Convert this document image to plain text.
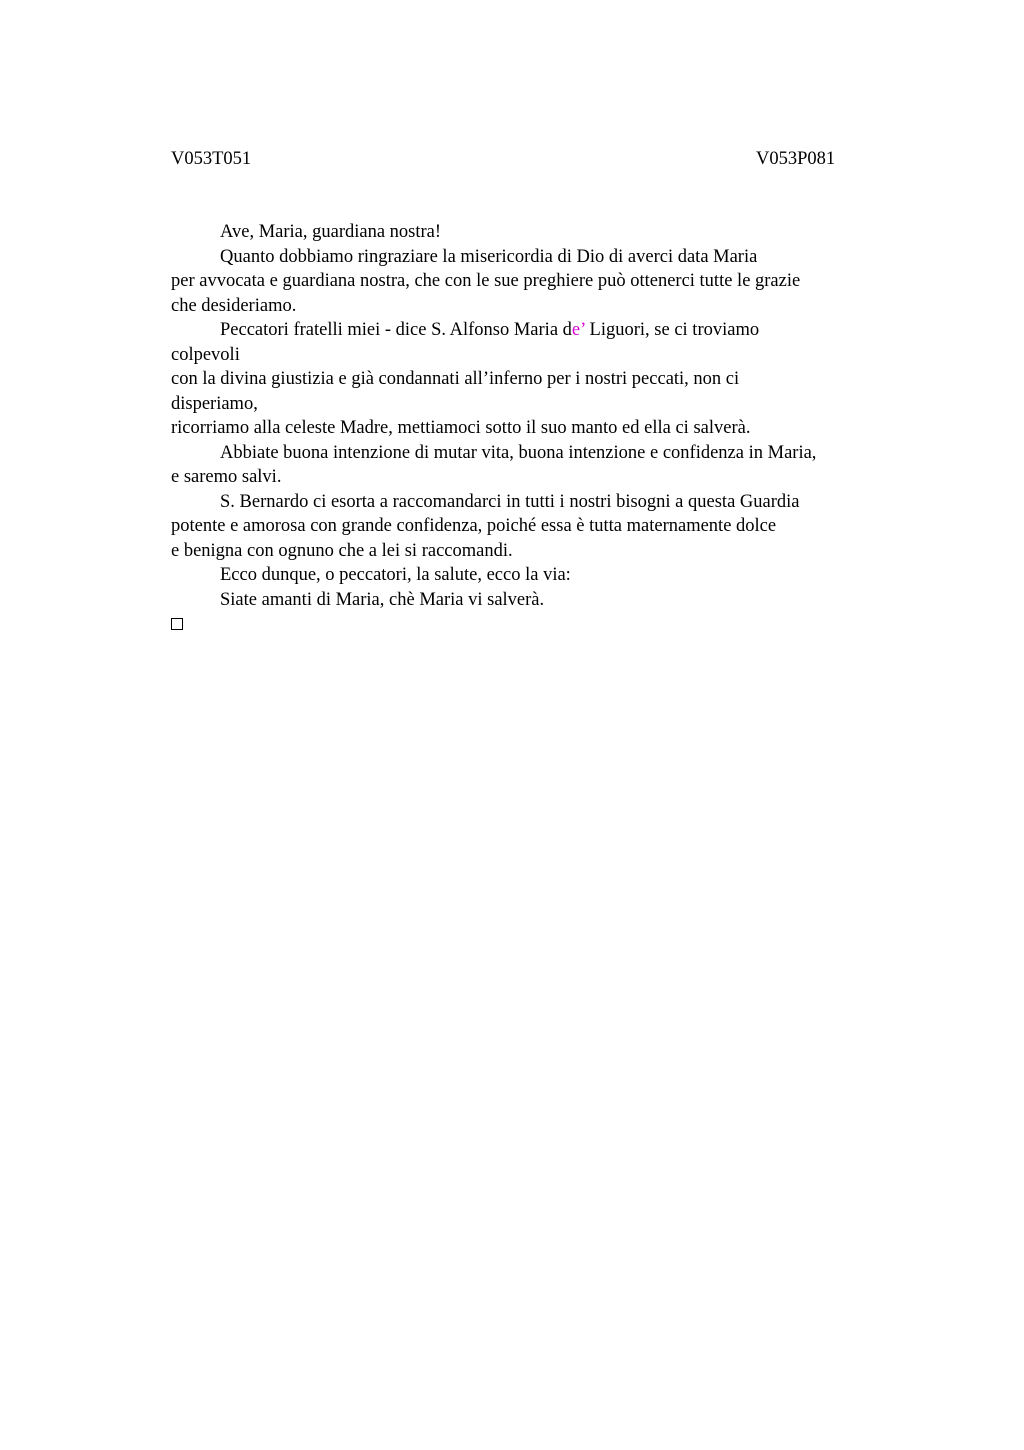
V053T051	V053P081
Ave, Maria, guardiana nostra!
Quanto dobbiamo ringraziare la misericordia di Dio di averci data Maria
per avvocata e guardiana nostra, che con le sue preghiere può ottenerci tutte le grazie
che desideriamo.
Peccatori fratelli miei - dice S. Alfonso Maria de’ Liguori, se ci troviamo
colpevoli
con la divina giustizia e già condannati all’inferno per i nostri peccati, non ci
disperiamo,
ricorriamo alla celeste Madre, mettiamoci sotto il suo manto ed ella ci salverà.
Abbiate buona intenzione di mutar vita, buona intenzione e confidenza in Maria,
e saremo salvi.
S. Bernardo ci esorta a raccomandarci in tutti i nostri bisogni a questa Guardia
potente e amorosa con grande confidenza, poiché essa è tutta maternamente dolce
e benigna con ognuno che a lei si raccomandi.
Ecco dunque, o peccatori, la salute, ecco la via:
Siate amanti di Maria, chè Maria vi salverà.
